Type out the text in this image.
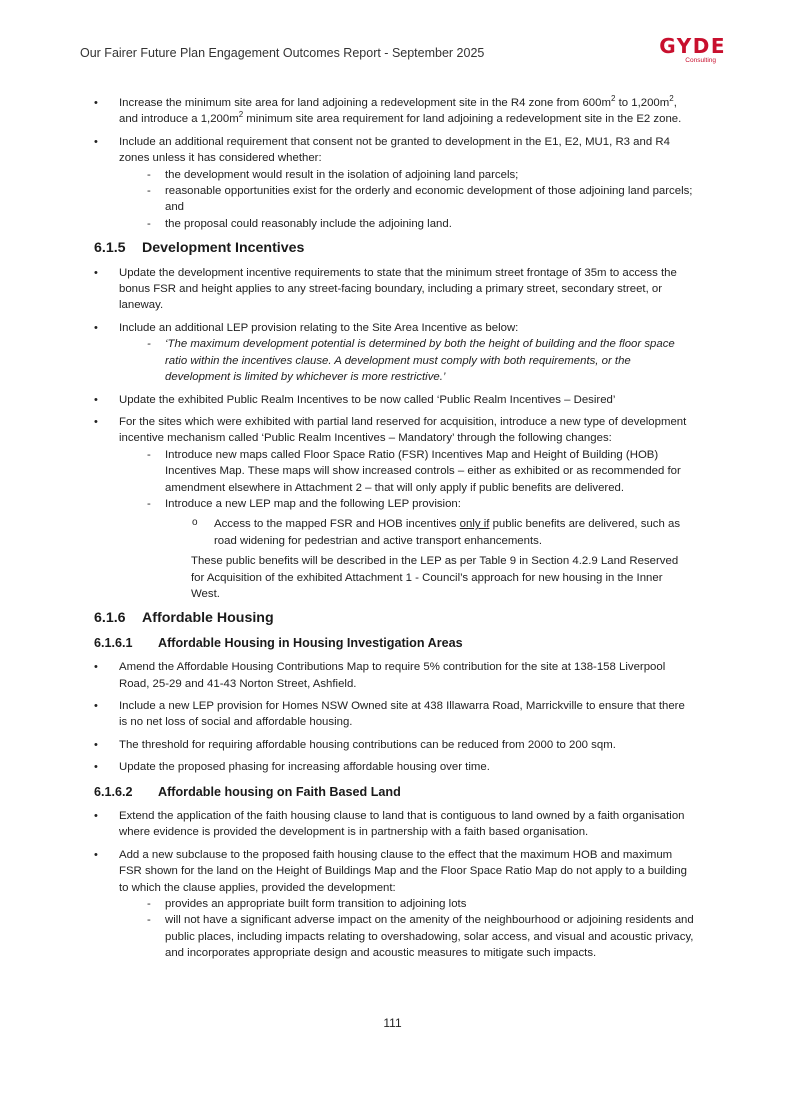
Our Fairer Future Plan Engagement Outcomes Report - September 2025	GYDE
Consulting
• Increase the minimum site area for land adjoining a redevelopment site in the R4 zone from $600m^2$ to $1,200m^2$, and introduce a $1,200m^2$ minimum site area requirement for land adjoining a redevelopment site in the E2 zone.
• Include an additional requirement that consent not be granted to development in the E1, E2, MU1, R3 and R4 zones unless it has considered whether:
- the development would result in the isolation of adjoining land parcels;
- reasonable opportunities exist for the orderly and economic development of those adjoining land parcels; and
- the proposal could reasonably include the adjoining land.
6.1.5 Development Incentives
• Update the development incentive requirements to state that the minimum street frontage of 35m to access the bonus FSR and height applies to any street-facing boundary, including a primary street, secondary street, or laneway.
• Include an additional LEP provision relating to the Site Area Incentive as below:
- ‘The maximum development potential is determined by both the height of building and the floor space ratio within the incentives clause. A development must comply with both requirements, or the development is limited by whichever is more restrictive.’
• Update the exhibited Public Realm Incentives to be now called ‘Public Realm Incentives – Desired’
• For the sites which were exhibited with partial land reserved for acquisition, introduce a new type of development incentive mechanism called ‘Public Realm Incentives – Mandatory’ through the following changes:
- Introduce new maps called Floor Space Ratio (FSR) Incentives Map and Height of Building (HOB) Incentives Map. These maps will show increased controls – either as exhibited or as recommended for amendment elsewhere in Attachment 2 – that will only apply if public benefits are delivered.
- Introduce a new LEP map and the following LEP provision:
o Access to the mapped FSR and HOB incentives only if public benefits are delivered, such as road widening for pedestrian and active transport enhancements.

These public benefits will be described in the LEP as per Table 9 in Section 4.2.9 Land Reserved for Acquisition of the exhibited Attachment 1 - Council’s approach for new housing in the Inner West.

6.1.6 Affordable Housing
6.1.6.1 Affordable Housing in Housing Investigation Areas
• Amend the Affordable Housing Contributions Map to require 5% contribution for the site at 138-158 Liverpool Road, 25-29 and 41-43 Norton Street, Ashfield.
• Include a new LEP provision for Homes NSW Owned site at 438 Illawarra Road, Marrickville to ensure that there is no net loss of social and affordable housing.
• The threshold for requiring affordable housing contributions can be reduced from 2000 to 200 sqm.
• Update the proposed phasing for increasing affordable housing over time.
6.1.6.2 Affordable housing on Faith Based Land
• Extend the application of the faith housing clause to land that is contiguous to land owned by a faith organisation where evidence is provided the development is in partnership with a faith based organisation.
• Add a new subclause to the proposed faith housing clause to the effect that the maximum HOB and maximum FSR shown for the land on the Height of Buildings Map and the Floor Space Ratio Map do not apply to a building to which the clause applies, provided the development:
- provides an appropriate built form transition to adjoining lots
- will not have a significant adverse impact on the amenity of the neighbourhood or adjoining residents and public places, including impacts relating to overshadowing, solar access, and visual and acoustic privacy, and incorporates appropriate design and acoustic measures to mitigate such impacts.
111
